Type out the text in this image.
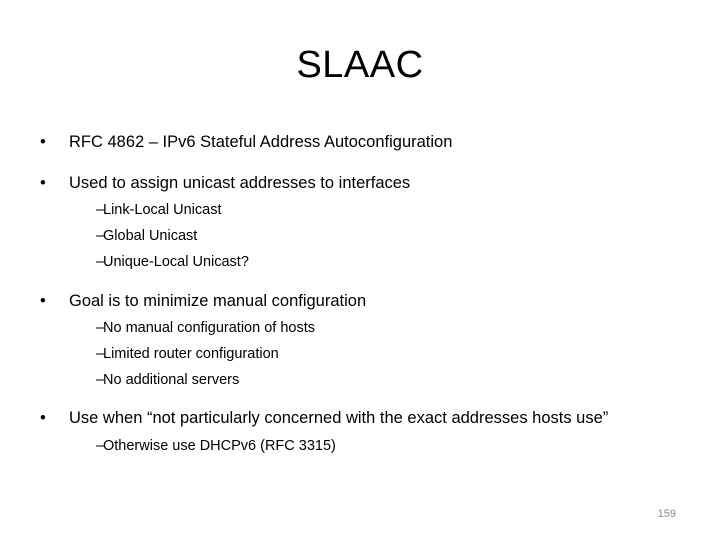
SLAAC
•	RFC 4862 – IPv6 Stateful Address Autoconfiguration
•	Used to assign unicast addresses to interfaces
–
Link-Local Unicast
–
Global Unicast
–
Unique-Local Unicast?
•	Goal is to minimize manual configuration
–
No manual configuration of hosts
–
Limited router configuration
–
No additional servers
•	Use when “not particularly concerned with the exact addresses hosts use”
–
Otherwise use DHCPv6 (RFC 3315)
159
